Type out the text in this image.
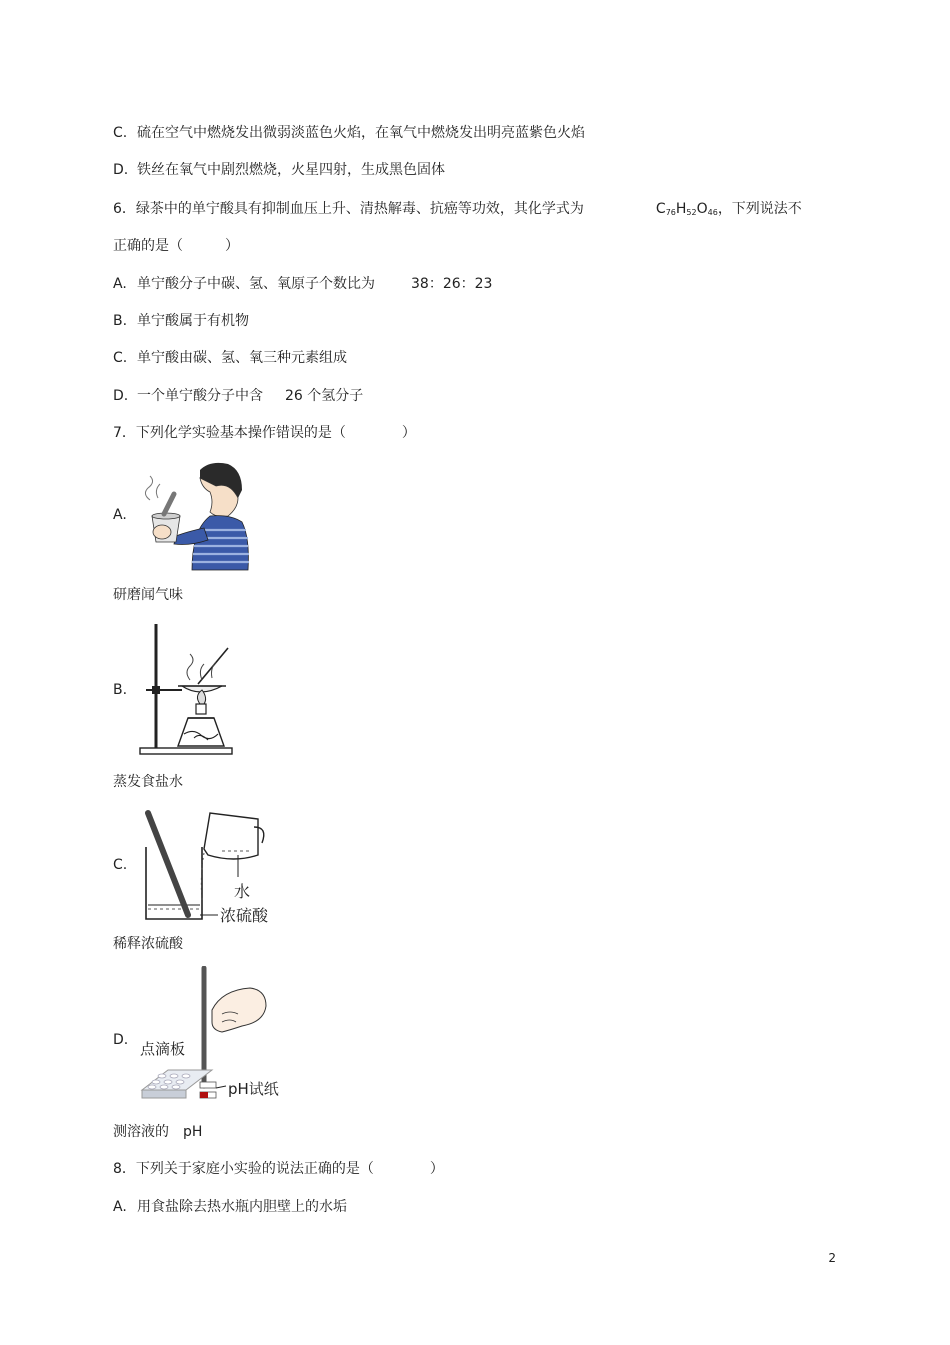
C. 硫在空气中燃烧发出微弱淡蓝色火焰，在氧气中燃烧发出明亮蓝紫色火焰
D. 铁丝在氧气中剧烈燃烧，火星四射，生成黑色固体
6．绿茶中的单宁酸具有抑制血压上升、清热解毒、抗癌等功效，其化学式为	$C_{76}H_{52}O_{46}$，下列说法不
正确的是（　　　）
A. 单宁酸分子中碳、氢、氧原子个数比为	38：26：23
B. 单宁酸属于有机物
C. 单宁酸由碳、氢、氧三种元素组成
D. 一个单宁酸分子中含 26 个氢分子
7．下列化学实验基本操作错误的是（　　　　）
A.
研磨闻气味
B.
蒸发食盐水
C.
水
浓硫酸
稀释浓硫酸
D. 点滴板
pH试纸
测溶液的　pH
8．下列关于家庭小实验的说法正确的是（　　　　）
A. 用食盐除去热水瓶内胆壁上的水垢
2
